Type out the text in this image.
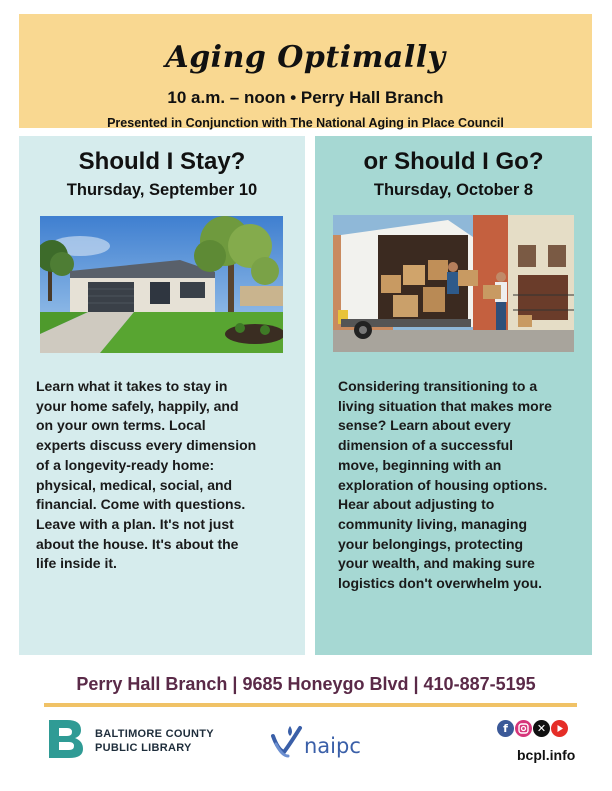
Aging Optimally
10 a.m. – noon • Perry Hall Branch
Presented in Conjunction with The National Aging in Place Council
Should I Stay?
Thursday, September 10
Learn what it takes to stay in
your home safely, happily, and
on your own terms. Local
experts discuss every dimension
of a longevity-ready home:
physical, medical, social, and
financial. Come with questions.
Leave with a plan. It's not just
about the house. It's about the
life inside it.
or Should I Go?
Thursday, October 8
Considering transitioning to a
living situation that makes more
sense? Learn about every
dimension of a successful
move, beginning with an
exploration of housing options.
Hear about adjusting to
community living, managing
your belongings, protecting
your wealth, and making sure
logistics don't overwhelm you.
Perry Hall Branch | 9685 Honeygo Blvd | 410-887-5195
BALTIMORE COUNTY
PUBLIC LIBRARY	naipc
f	✕
bcpl.info
